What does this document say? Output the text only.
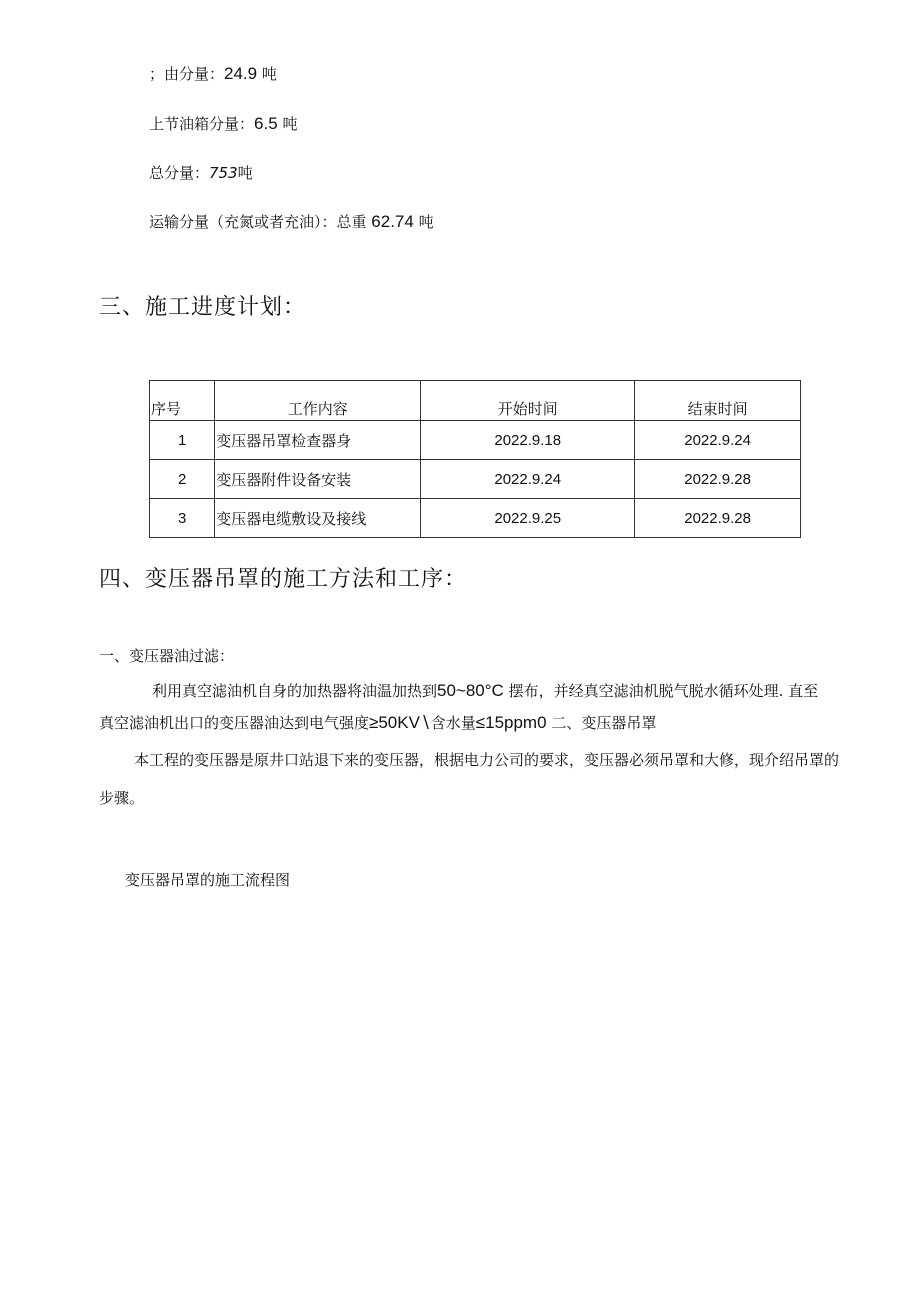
；由分量：24.9 吨
上节油箱分量：6.5 吨
总分量：753吨
运输分量（充氮或者充油）：总重 62.74 吨
三、施工进度计划：
序号	工作内容	开始时间	结束时间
1	变压器吊罩检查器身	2022.9.18	2022.9.24
2	变压器附件设备安装	2022.9.24	2022.9.28
3	变压器电缆敷设及接线	2022.9.25	2022.9.28
四、变压器吊罩的施工方法和工序：
一、变压器油过滤：
利用真空滤油机自身的加热器将油温加热到50~80°C 摆布，并经真空滤油机脱气脱水循环处理. 直至
真空滤油机出口的变压器油达到电气强度≥50KV∖含水量≤15ppm0 二、变压器吊罩
本工程的变压器是原井口站退下来的变压器，根据电力公司的要求，变压器必须吊罩和大修，现介绍吊罩的
步骤。
变压器吊罩的施工流程图
